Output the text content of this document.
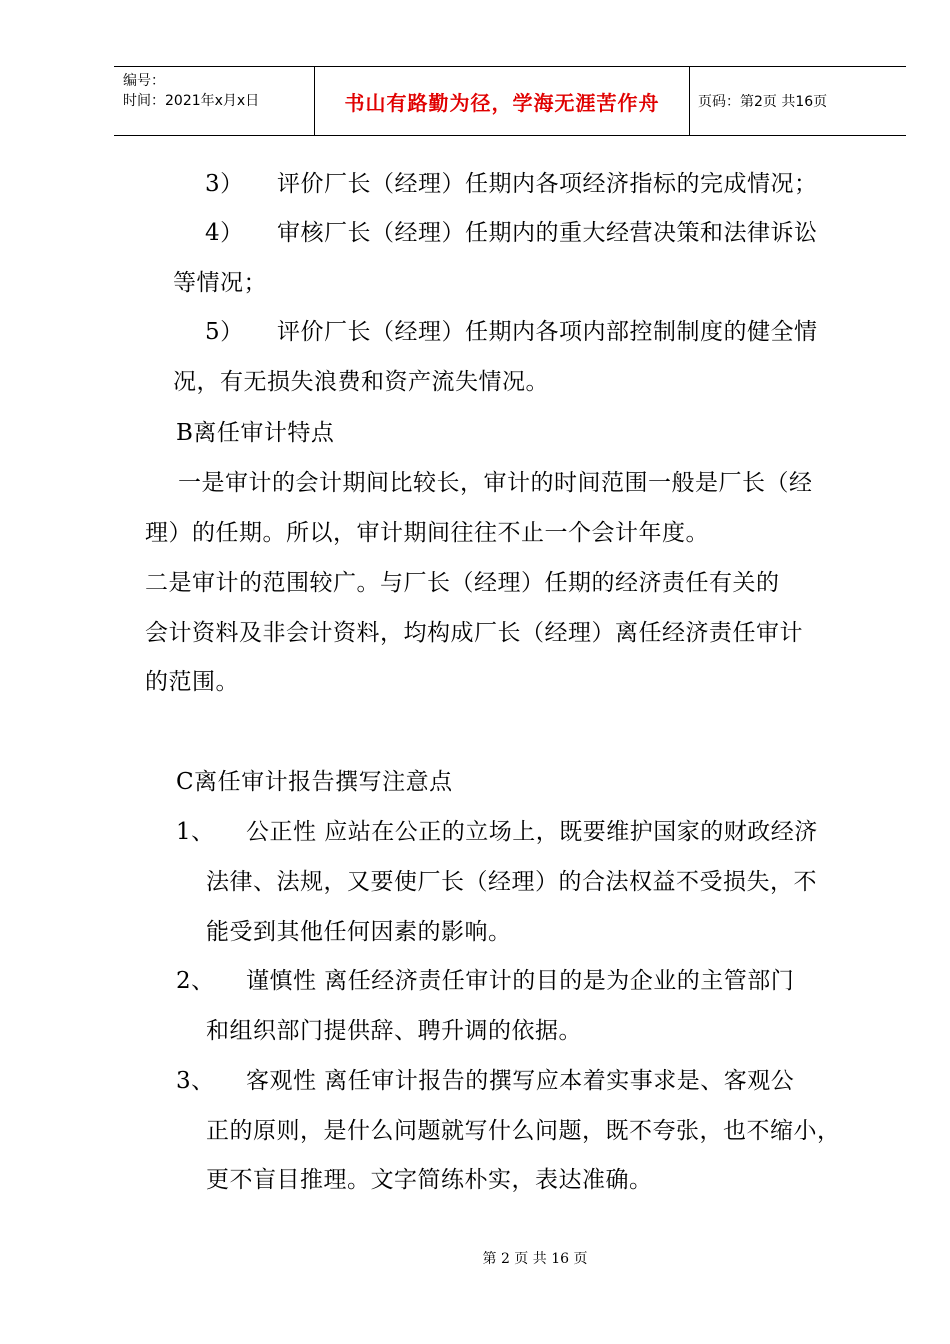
编号：
时间：2021年x月x日	书山有路勤为径，学海无涯苦作舟	页码：第2页 共16页
3） 评价厂长（经理）任期内各项经济指标的完成情况；
4） 审核厂长（经理）任期内的重大经营决策和法律诉讼
等情况；
5） 评价厂长（经理）任期内各项内部控制制度的健全情
况，有无损失浪费和资产流失情况。
B离任审计特点
一是审计的会计期间比较长，审计的时间范围一般是厂长（经
理）的任期。所以，审计期间往往不止一个会计年度。
二是审计的范围较广。与厂长（经理）任期的经济责任有关的
会计资料及非会计资料，均构成厂长（经理）离任经济责任审计
的范围。
C离任审计报告撰写注意点
1、 公正性 应站在公正的立场上，既要维护国家的财政经济
法律、法规，又要使厂长（经理）的合法权益不受损失，不
能受到其他任何因素的影响。
2、 谨慎性 离任经济责任审计的目的是为企业的主管部门
和组织部门提供辞、聘升调的依据。
3、 客观性 离任审计报告的撰写应本着实事求是、客观公
正的原则，是什么问题就写什么问题，既不夸张，也不缩小，
更不盲目推理。文字简练朴实，表达准确。
第 2 页 共 16 页
